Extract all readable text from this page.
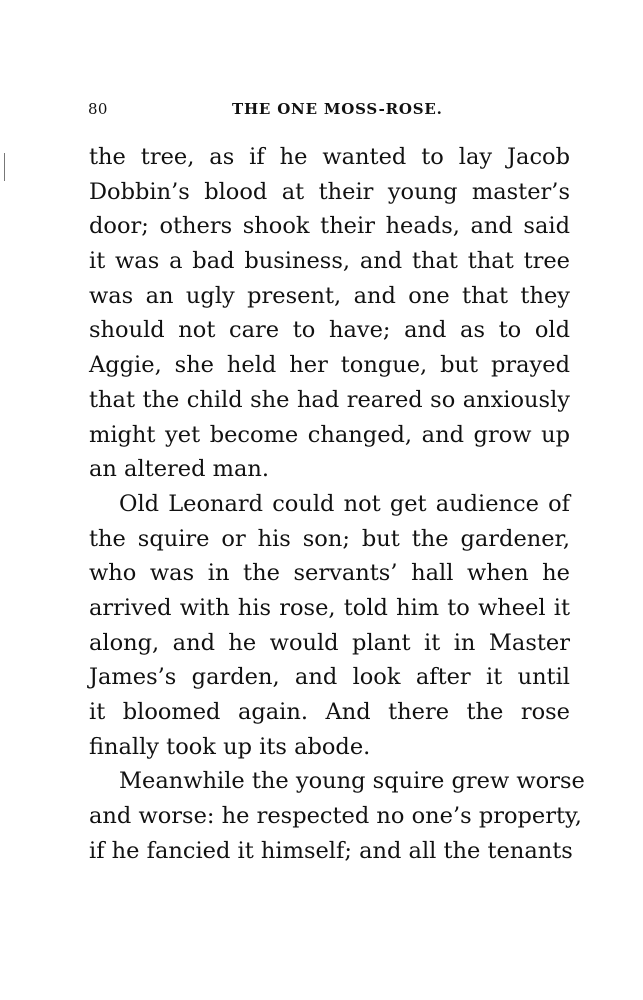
80	THE ONE MOSS-ROSE.
the tree, as if he wanted to lay Jacob
Dobbin’s blood at their young master’s
door; others shook their heads, and said
it was a bad business, and that that tree
was an ugly present, and one that they
should not care to have; and as to old
Aggie, she held her tongue, but prayed
that the child she had reared so anxiously
might yet become changed, and grow up
an altered man.
Old Leonard could not get audience of
the squire or his son; but the gardener,
who was in the servants’ hall when he
arrived with his rose, told him to wheel it
along, and he would plant it in Master
James’s garden, and look after it until
it bloomed again. And there the rose
finally took up its abode.
Meanwhile the young squire grew worse
and worse: he respected no one’s property,
if he fancied it himself; and all the tenants
